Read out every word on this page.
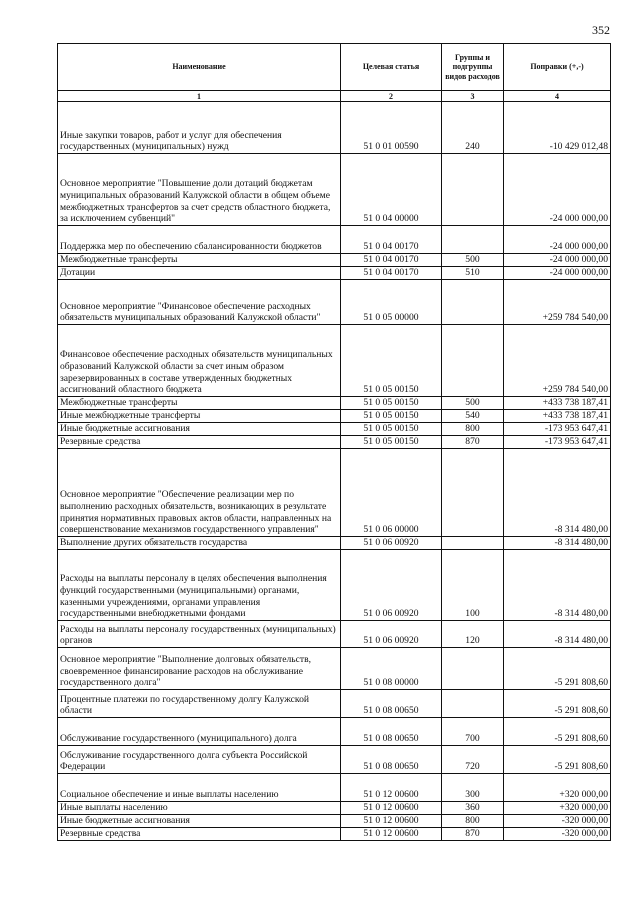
352
Наименование	Целевая статья	Группы и подгруппы видов расходов	Поправки (+,-)
1	2	3	4
Иные закупки товаров, работ и услуг для обеспечения государственных (муниципальных) нужд	51 0 01 00590	240	-10 429 012,48
Основное мероприятие "Повышение доли дотаций бюджетам муниципальных образований Калужской области в общем объеме межбюджетных трансфертов за счет средств областного бюджета, за исключением субвенций"	51 0 04 00000		-24 000 000,00
Поддержка мер по обеспечению сбалансированности бюджетов	51 0 04 00170		-24 000 000,00
Межбюджетные трансферты	51 0 04 00170	500	-24 000 000,00
Дотации	51 0 04 00170	510	-24 000 000,00
Основное мероприятие "Финансовое обеспечение расходных обязательств муниципальных образований Калужской области"	51 0 05 00000		+259 784 540,00
Финансовое обеспечение расходных обязательств муниципальных образований Калужской области за счет иным образом зарезервированных в составе утвержденных бюджетных ассигнований областного бюджета	51 0 05 00150		+259 784 540,00
Межбюджетные трансферты	51 0 05 00150	500	+433 738 187,41
Иные межбюджетные трансферты	51 0 05 00150	540	+433 738 187,41
Иные бюджетные ассигнования	51 0 05 00150	800	-173 953 647,41
Резервные средства	51 0 05 00150	870	-173 953 647,41
Основное мероприятие "Обеспечение реализации мер по выполнению расходных обязательств, возникающих в результате принятия нормативных правовых актов области, направленных на совершенствование механизмов государственного управления"	51 0 06 00000		-8 314 480,00
Выполнение других обязательств государства	51 0 06 00920		-8 314 480,00
Расходы на выплаты персоналу в целях обеспечения выполнения функций государственными (муниципальными) органами, казенными учреждениями, органами управления государственными внебюджетными фондами	51 0 06 00920	100	-8 314 480,00
Расходы на выплаты персоналу государственных (муниципальных) органов	51 0 06 00920	120	-8 314 480,00
Основное мероприятие "Выполнение долговых обязательств, своевременное финансирование расходов на обслуживание государственного долга"	51 0 08 00000		-5 291 808,60
Процентные платежи по государственному долгу Калужской области	51 0 08 00650		-5 291 808,60
Обслуживание государственного (муниципального) долга	51 0 08 00650	700	-5 291 808,60
Обслуживание государственного долга субъекта Российской Федерации	51 0 08 00650	720	-5 291 808,60
Социальное обеспечение и иные выплаты населению	51 0 12 00600	300	+320 000,00
Иные выплаты населению	51 0 12 00600	360	+320 000,00
Иные бюджетные ассигнования	51 0 12 00600	800	-320 000,00
Резервные средства	51 0 12 00600	870	-320 000,00
